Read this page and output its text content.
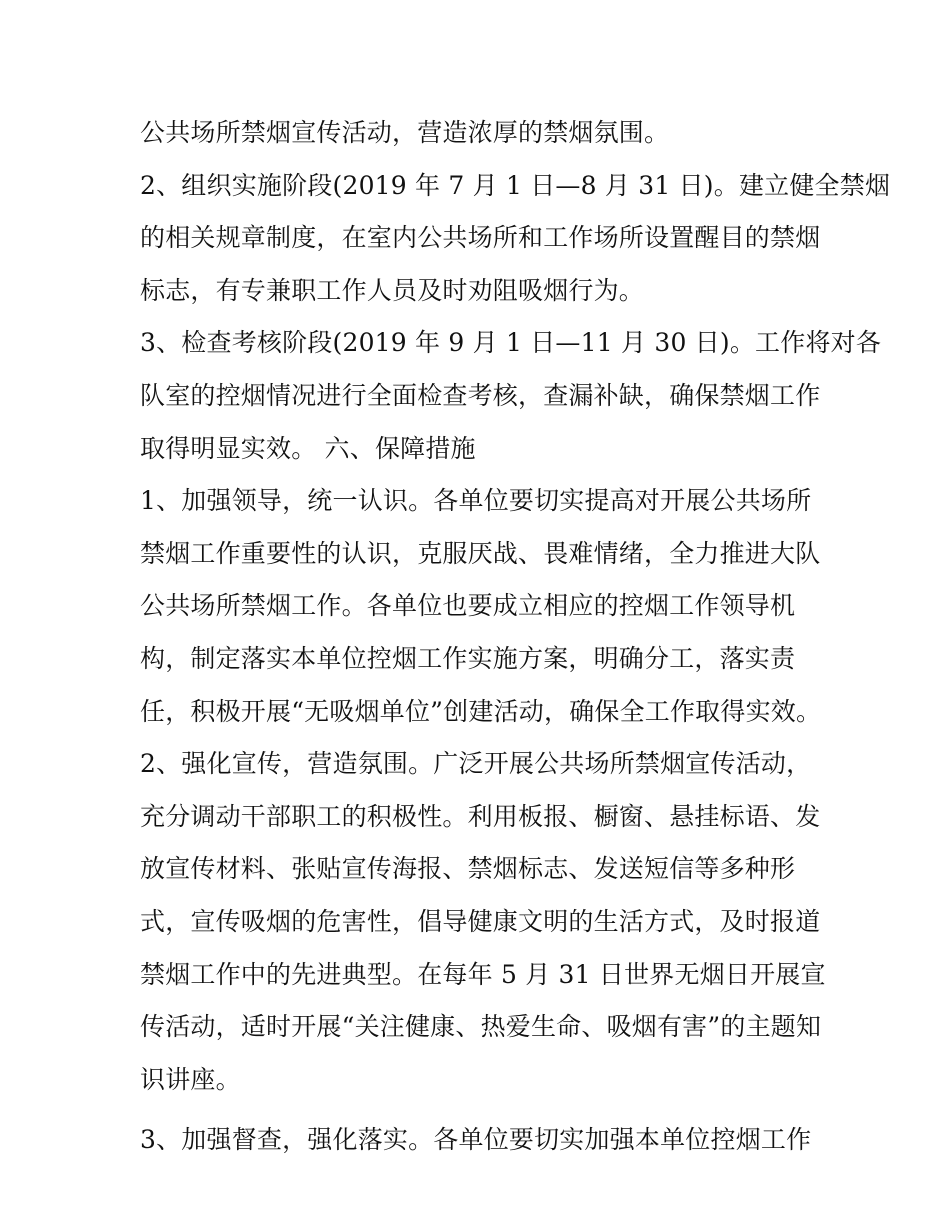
公共场所禁烟宣传活动，营造浓厚的禁烟氛围。
2、组织实施阶段(2019 年 7 月 1 日—8 月 31 日)。建立健全禁烟
的相关规章制度，在室内公共场所和工作场所设置醒目的禁烟
标志，有专兼职工作人员及时劝阻吸烟行为。
3、检查考核阶段(2019 年 9 月 1 日—11 月 30 日)。工作将对各
队室的控烟情况进行全面检查考核，查漏补缺，确保禁烟工作
取得明显实效。 六、保障措施
1、加强领导，统一认识。各单位要切实提高对开展公共场所
禁烟工作重要性的认识，克服厌战、畏难情绪，全力推进大队
公共场所禁烟工作。各单位也要成立相应的控烟工作领导机
构，制定落实本单位控烟工作实施方案，明确分工，落实责
任，积极开展“无吸烟单位”创建活动，确保全工作取得实效。
2、强化宣传，营造氛围。广泛开展公共场所禁烟宣传活动，
充分调动干部职工的积极性。利用板报、橱窗、悬挂标语、发
放宣传材料、张贴宣传海报、禁烟标志、发送短信等多种形
式，宣传吸烟的危害性，倡导健康文明的生活方式，及时报道
禁烟工作中的先进典型。在每年 5 月 31 日世界无烟日开展宣
传活动，适时开展“关注健康、热爱生命、吸烟有害”的主题知
识讲座。
3、加强督查，强化落实。各单位要切实加强本单位控烟工作
